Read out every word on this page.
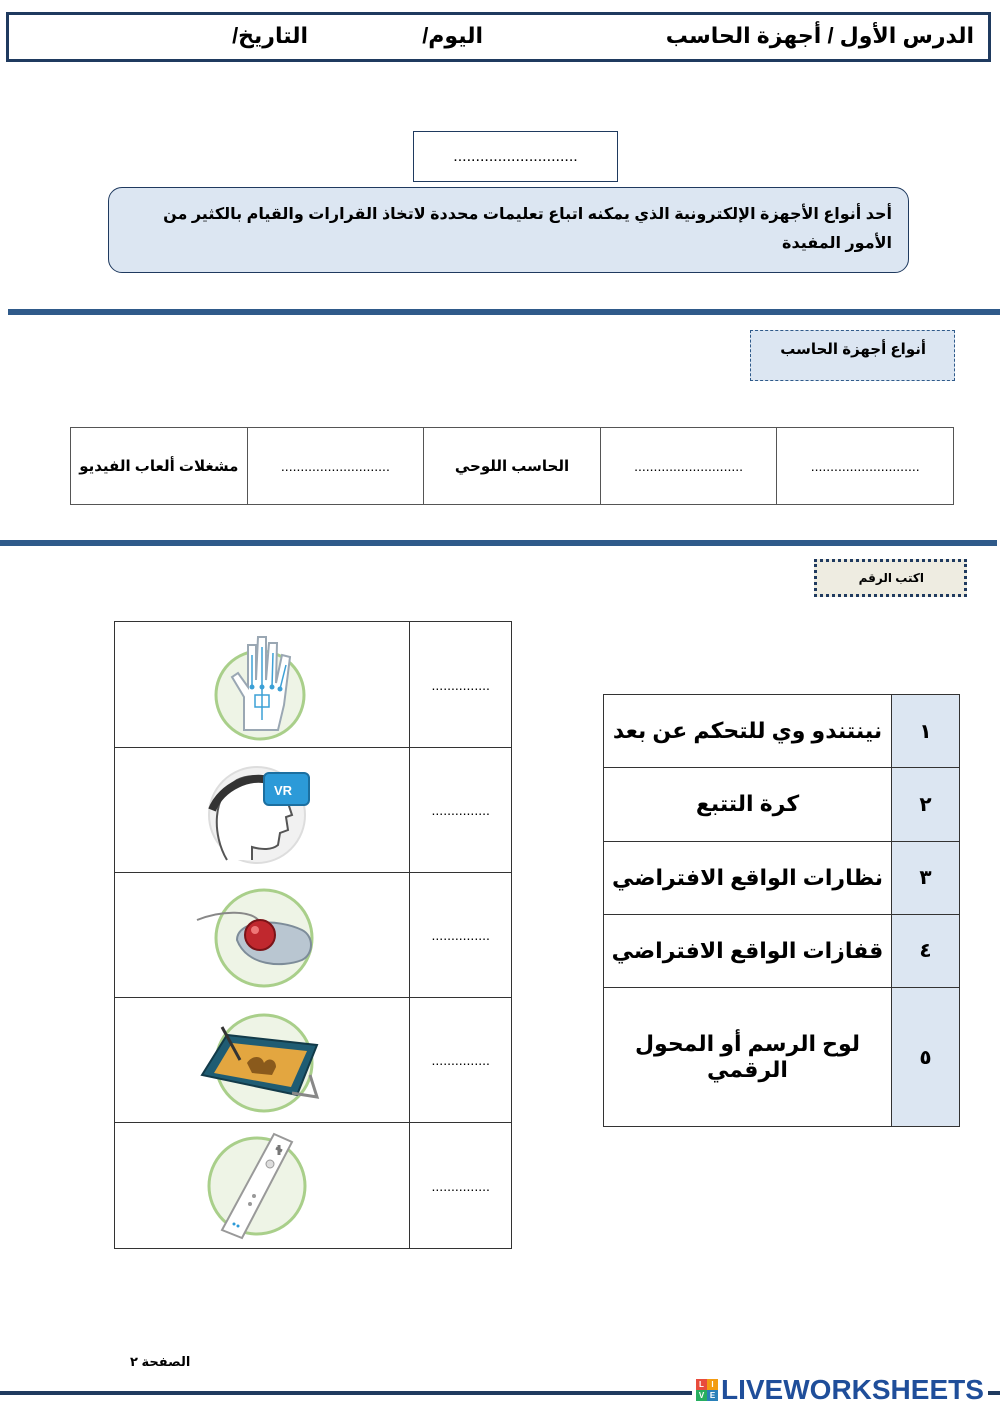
الدرس الأول / أجهزة الحاسب
اليوم/
التاريخ/
............................
أحد أنواع الأجهزة الإلكترونية الذي يمكنه اتباع تعليمات محددة لاتخاذ القرارات والقيام بالكثير من الأمور المفيدة
أنواع أجهزة الحاسب
مشغلات ألعاب الفيديو	............................	الحاسب اللوحي	............................	............................
اكتب الرقم
	...............

VR	...............

	...............

	...............

	...............
نينتندو وي للتحكم عن بعد	١
كرة التتبع	٢
نظارات الواقع الافتراضي	٣
قفازات الواقع الافتراضي	٤
لوح الرسم أو المحول الرقمي	٥
الصفحة ٢
L I
V E LIVEWORKSHEETS
